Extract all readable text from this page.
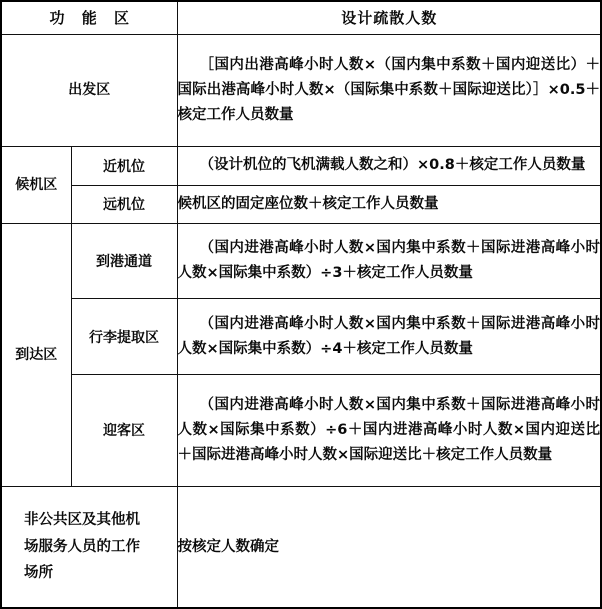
功 能 区		设计疏散人数
出发区		［国内出港高峰小时人数×（国内集中系数＋国内迎送比）＋国际出港高峰小时人数×（国际集中系数＋国际迎送比）］×0.5＋核定工作人员数量
候机区	近机位	（设计机位的飞机满载人数之和）×0.8＋核定工作人员数量
	远机位	候机区的固定座位数＋核定工作人员数量
到达区	到港通道	（国内进港高峰小时人数×国内集中系数＋国际进港高峰小时人数×国际集中系数）÷3＋核定工作人员数量
	行李提取区	（国内进港高峰小时人数×国内集中系数＋国际进港高峰小时人数×国际集中系数）÷4＋核定工作人员数量
	迎客区	（国内进港高峰小时人数×国内集中系数＋国际进港高峰小时人数×国际集中系数）÷6＋国内进港高峰小时人数×国内迎送比＋国际进港高峰小时人数×国际迎送比＋核定工作人员数量

非公共区及其他机
场服务人员的工作
场所		按核定人数确定
